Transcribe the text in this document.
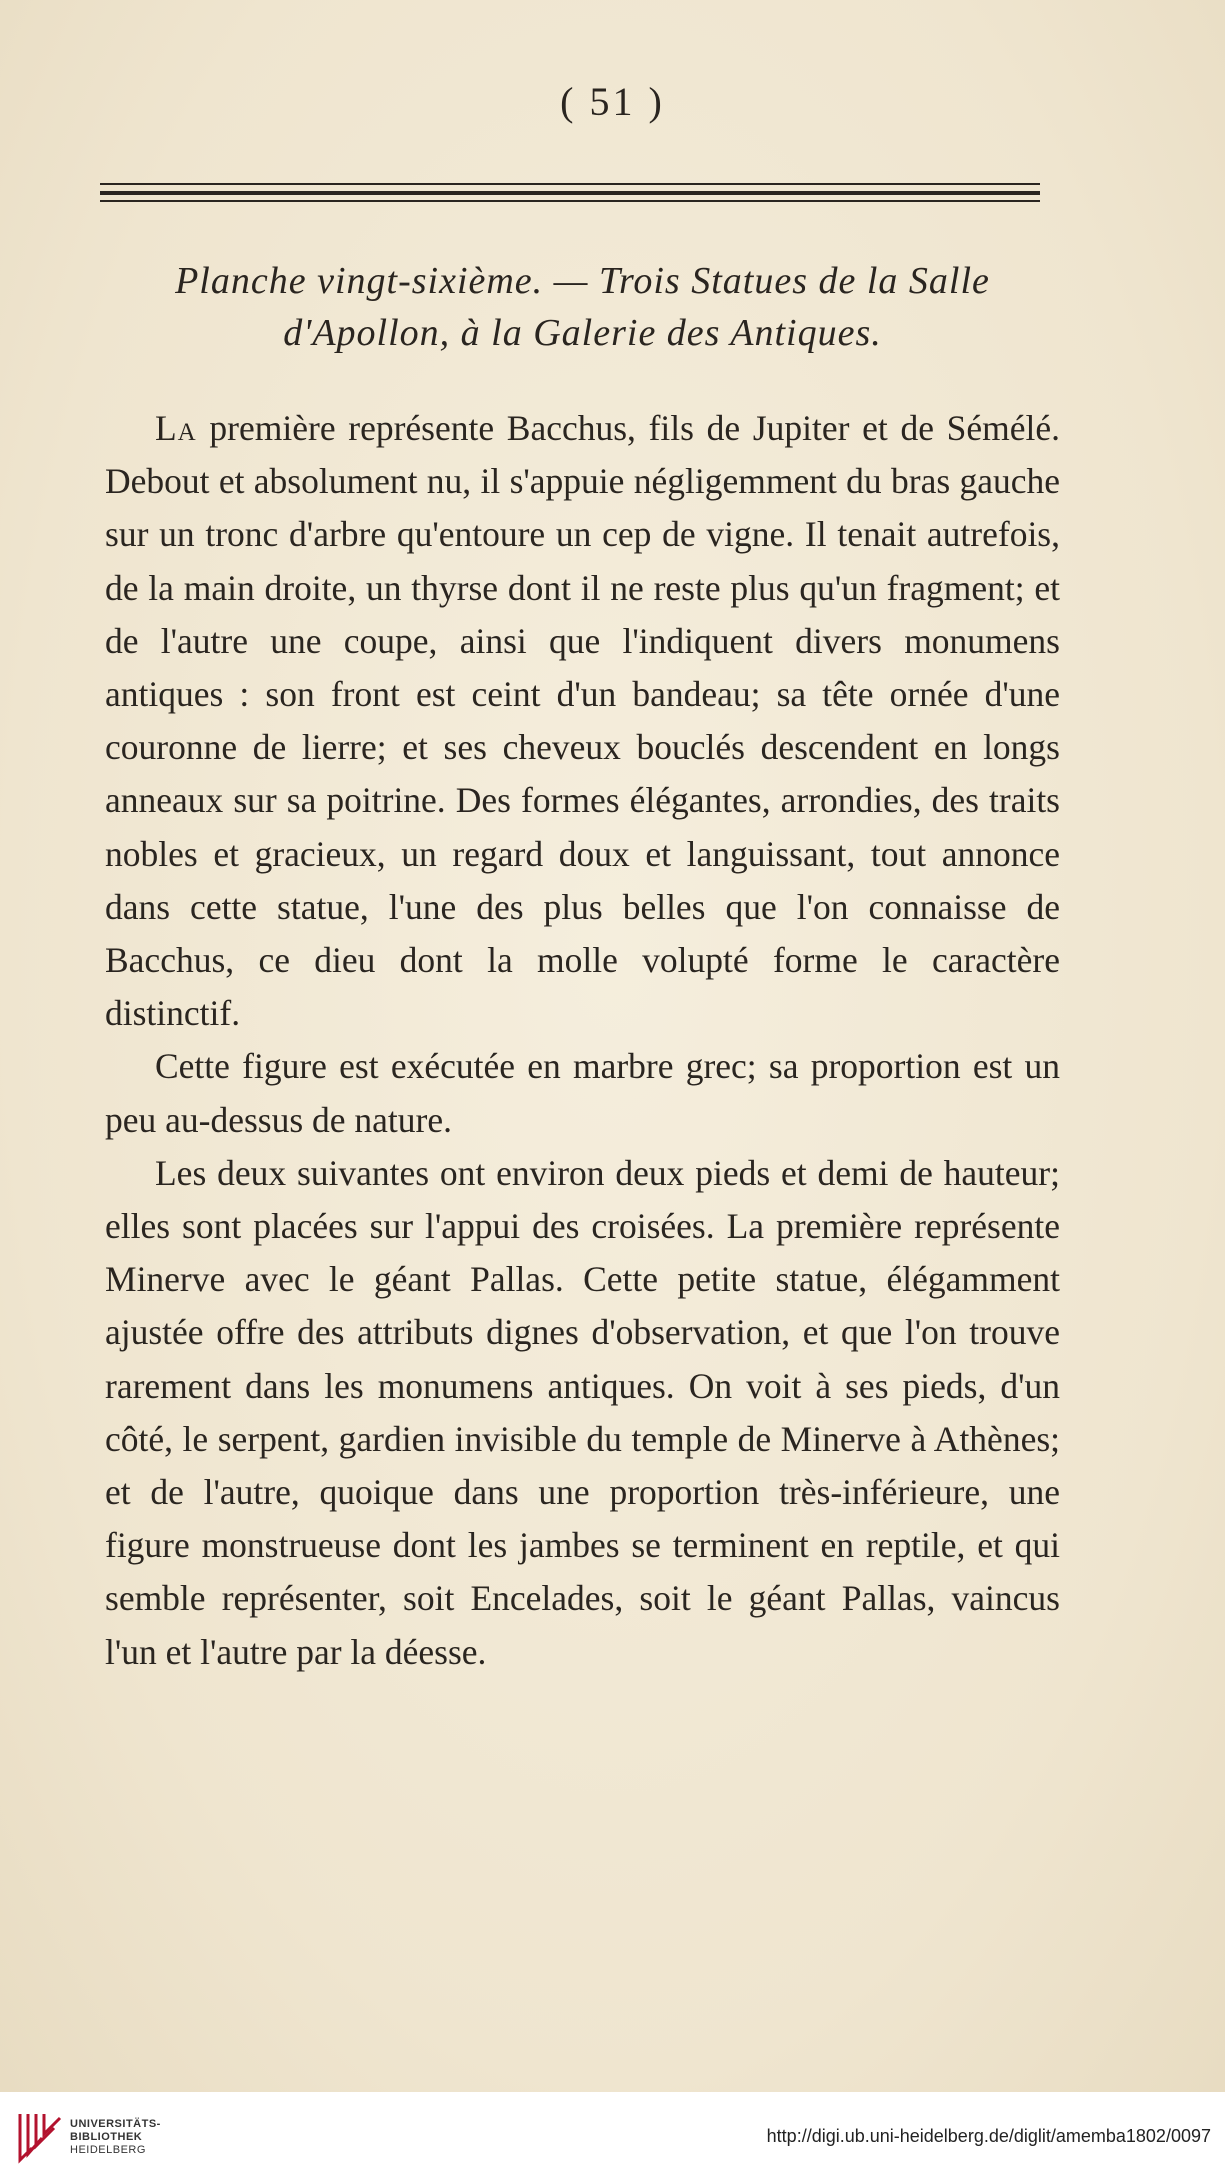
( 51 )
Planche vingt-sixième. — Trois Statues de la Salle
d'Apollon, à la Galerie des Antiques.

La première représente Bacchus, fils de Jupiter et de Sémélé. Debout et absolument nu, il s'appuie négligemment du bras gauche sur un tronc d'arbre qu'entoure un cep de vigne. Il tenait autrefois, de la main droite, un thyrse dont il ne reste plus qu'un fragment; et de l'autre une coupe, ainsi que l'indiquent divers monumens antiques : son front est ceint d'un bandeau; sa tête ornée d'une couronne de lierre; et ses cheveux bouclés descendent en longs anneaux sur sa poitrine. Des formes élégantes, arrondies, des traits nobles et gracieux, un regard doux et languissant, tout annonce dans cette statue, l'une des plus belles que l'on connaisse de Bacchus, ce dieu dont la molle volupté forme le caractère distinctif.

Cette figure est exécutée en marbre grec; sa proportion est un peu au-dessus de nature.

Les deux suivantes ont environ deux pieds et demi de hauteur; elles sont placées sur l'appui des croisées. La première représente Minerve avec le géant Pallas. Cette petite statue, élégamment ajustée offre des attributs dignes d'observation, et que l'on trouve rarement dans les monumens antiques. On voit à ses pieds, d'un côté, le serpent, gardien invisible du temple de Minerve à Athènes; et de l'autre, quoique dans une proportion très-inférieure, une figure monstrueuse dont les jambes se terminent en reptile, et qui semble représenter, soit Encelades, soit le géant Pallas, vaincus l'un et l'autre par la déesse.

UNIVERSITÄTS-
BIBLIOTHEK
HEIDELBERG
http://digi.ub.uni-heidelberg.de/diglit/amemba1802/0097
